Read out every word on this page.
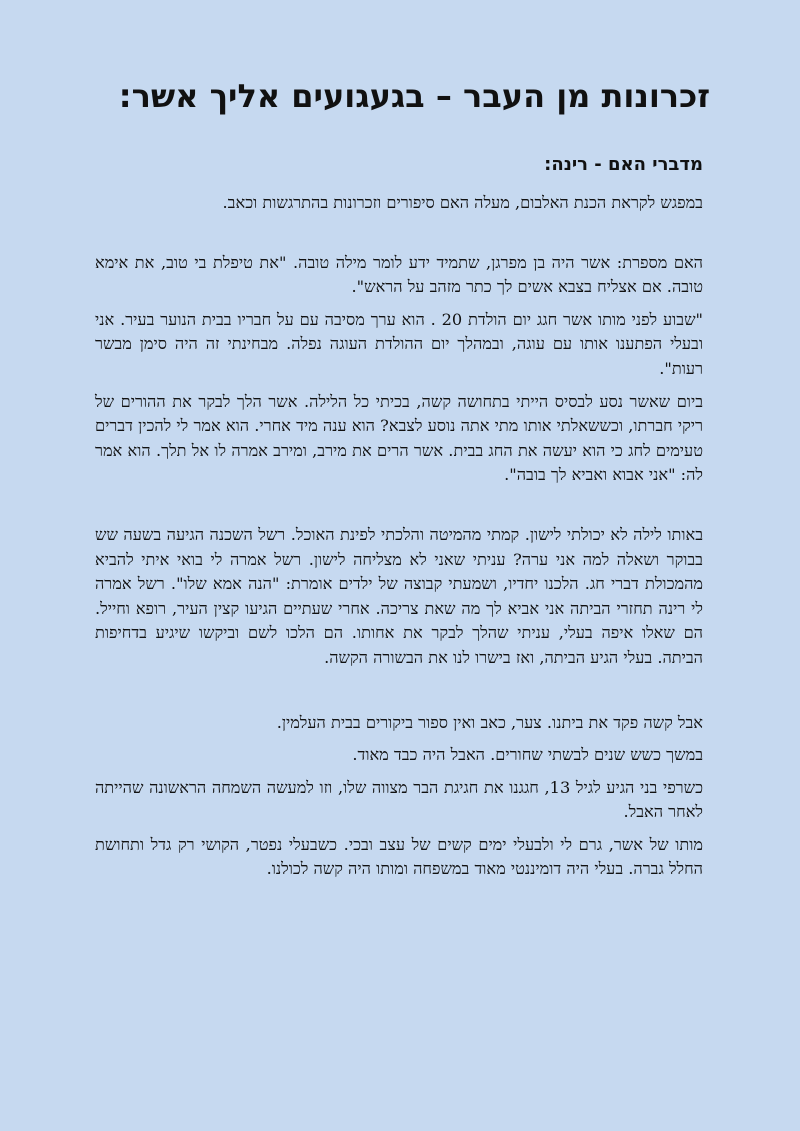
זכרונות מן העבר – בגעגועים אליך אשר:
מדברי האם - רינה:

במפגש לקראת הכנת האלבום, מעלה האם סיפורים וזכרונות בהתרגשות וכאב.

האם מספרת: אשר היה בן מפרגן, שתמיד ידע לומר מילה טובה. "את טיפלת בי טוב, את אימא טובה. אם אצליח בצבא אשים לך כתר מזהב על הראש".

"שבוע לפני מותו אשר חגג יום הולדת 20 . הוא ערך מסיבה עם על חבריו בבית הנוער בעיר. אני ובעלי הפתענו אותו עם עוגה, ובמהלך יום ההולדת העוגה נפלה. מבחינתי זה היה סימן מבשר רעות".

ביום שאשר נסע לבסיס הייתי בתחושה קשה, בכיתי כל הלילה. אשר הלך לבקר את ההורים של ריקי חברתו, וכששאלתי אותו מתי אתה נוסע לצבא? הוא ענה מיד אחרי. הוא אמר לי להכין דברים טעימים לחג כי הוא יעשה את החג בבית. אשר הרים את מירב, ומירב אמרה לו אל תלך. הוא אמר לה: "אני אבוא ואביא לך בובה".

באותו לילה לא יכולתי לישון. קמתי מהמיטה והלכתי לפינת האוכל. רשל השכנה הגיעה בשעה שש בבוקר ושאלה למה אני ערה? עניתי שאני לא מצליחה לישון. רשל אמרה לי בואי איתי להביא מהמכולת דברי חג. הלכנו יחדיו, ושמעתי קבוצה של ילדים אומרת: "הנה אמא שלו". רשל אמרה לי רינה תחזרי הביתה אני אביא לך מה שאת צריכה. אחרי שעתיים הגיעו קצין העיר, רופא וחייל. הם שאלו איפה בעלי, עניתי שהלך לבקר את אחותו. הם הלכו לשם וביקשו שיגיע בדחיפות הביתה. בעלי הגיע הביתה, ואז בישרו לנו את הבשורה הקשה.

אבל קשה פקד את ביתנו. צער, כאב ואין ספור ביקורים בבית העלמין.

במשך כשש שנים לבשתי שחורים. האבל היה כבד מאוד.

כשרפי בני הגיע לגיל 13, חגגנו את חגיגת הבר מצווה שלו, וזו למעשה השמחה הראשונה שהייתה לאחר האבל.

מותו של אשר, גרם לי ולבעלי ימים קשים של עצב ובכי. כשבעלי נפטר, הקושי רק גדל ותחושת החלל גברה. בעלי היה דומיננטי מאוד במשפחה ומותו היה קשה לכולנו.
